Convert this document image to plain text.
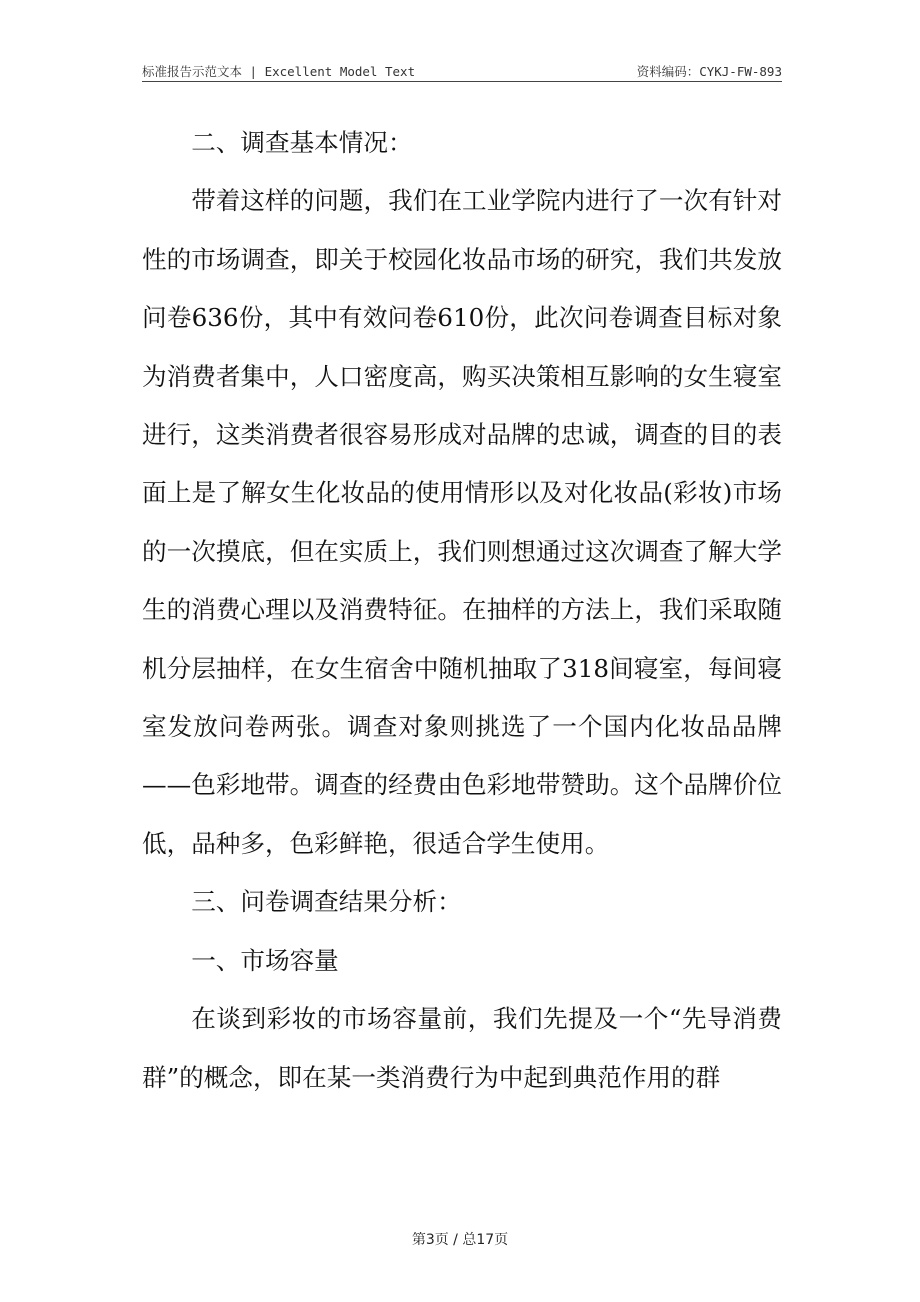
标准报告示范文本 | Excellent Model Text	资料编码：CYKJ-FW-893

二、调查基本情况：

带着这样的问题，我们在工业学院内进行了一次有针对性的市场调查，即关于校园化妆品市场的研究，我们共发放问卷636份，其中有效问卷610份，此次问卷调查目标对象为消费者集中，人口密度高，购买决策相互影响的女生寝室进行，这类消费者很容易形成对品牌的忠诚，调查的目的表面上是了解女生化妆品的使用情形以及对化妆品(彩妆)市场的一次摸底，但在实质上，我们则想通过这次调查了解大学生的消费心理以及消费特征。在抽样的方法上，我们采取随机分层抽样，在女生宿舍中随机抽取了318间寝室，每间寝室发放问卷两张。调查对象则挑选了一个国内化妆品品牌——色彩地带。调查的经费由色彩地带赞助。这个品牌价位低，品种多，色彩鲜艳，很适合学生使用。

三、问卷调查结果分析：

一、市场容量

在谈到彩妆的市场容量前，我们先提及一个“先导消费群”的概念，即在某一类消费行为中起到典范作用的群

第3页 / 总17页
